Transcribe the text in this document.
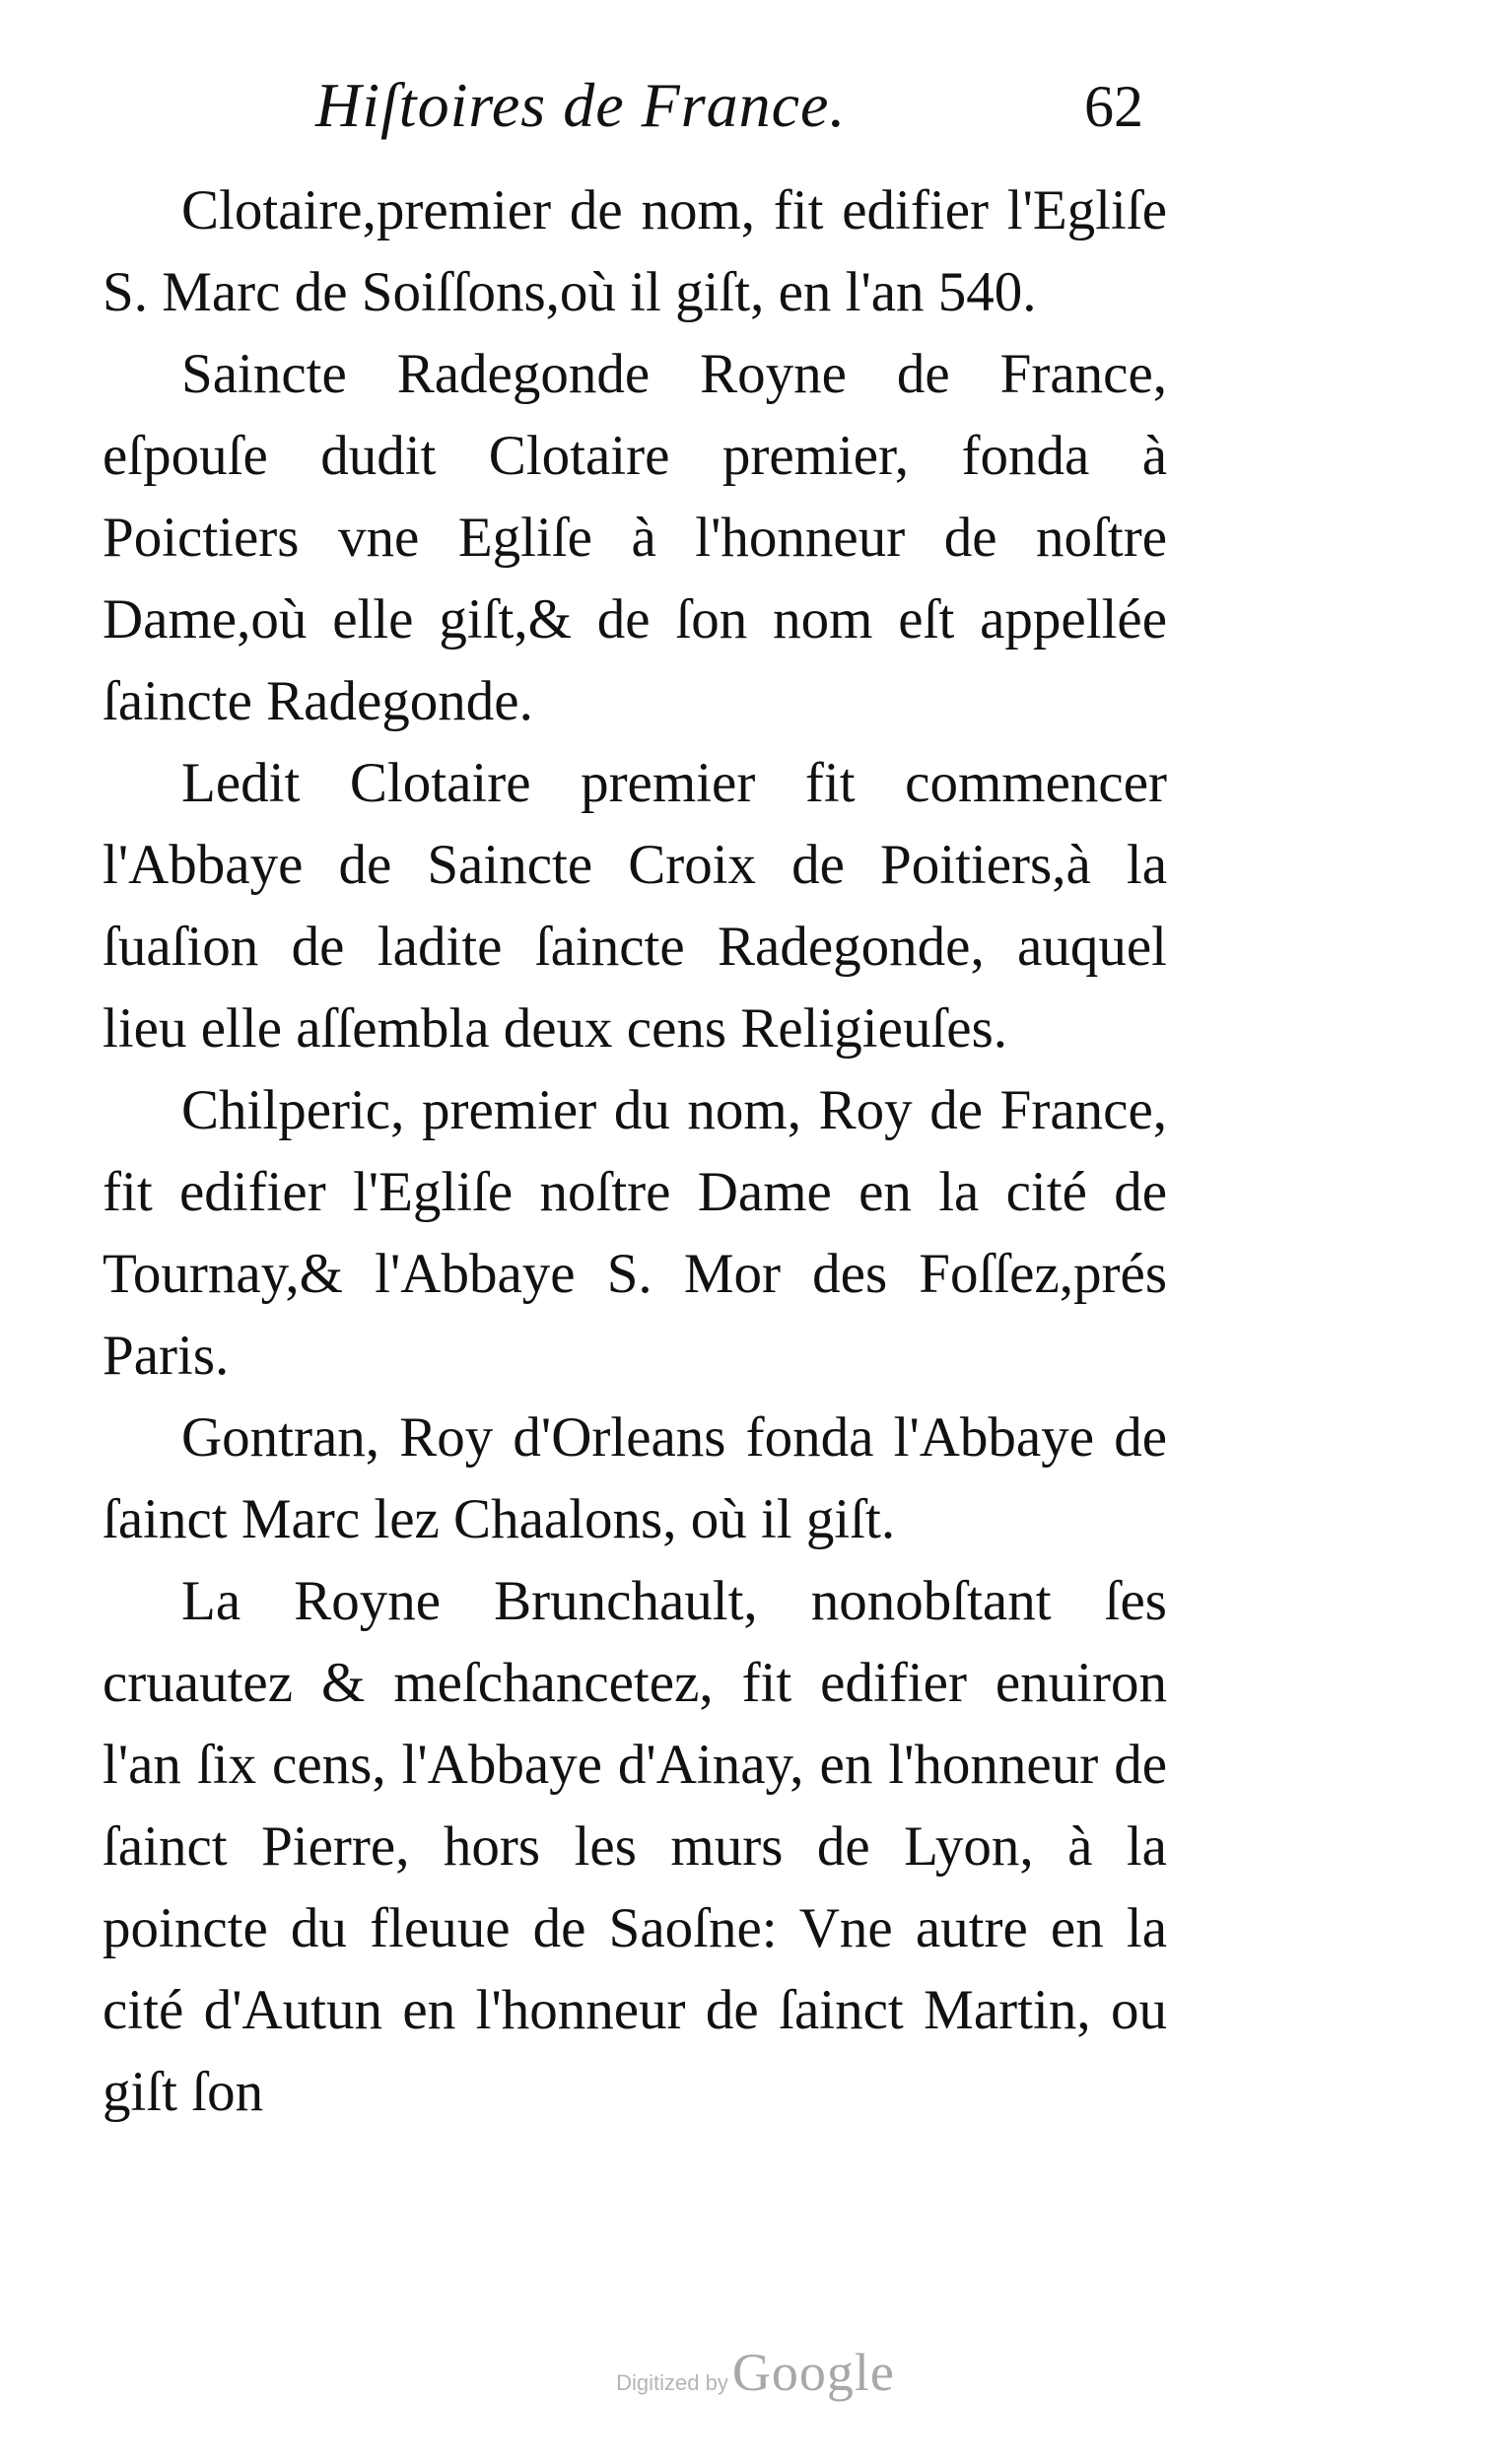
Hiſtoires de France.	62

Clotaire,premier de nom, fit edifier l'Egliſe S. Marc de Soiſſons,où il giſt, en l'an 540.

Saincte Radegonde Royne de France, eſpouſe dudit Clotaire premier, fonda à Poictiers vne Egliſe à l'honneur de noſtre Dame,où elle giſt,& de ſon nom eſt appellée ſaincte Radegonde.

Ledit Clotaire premier fit commencer l'Abbaye de Saincte Croix de Poitiers,à la ſuaſion de ladite ſaincte Radegonde, auquel lieu elle aſſembla deux cens Religieuſes.

Chilperic, premier du nom, Roy de France, fit edifier l'Egliſe noſtre Dame en la cité de Tournay,& l'Abbaye S. Mor des Foſſez,prés Paris.

Gontran, Roy d'Orleans fonda l'Abbaye de ſainct Marc lez Chaalons, où il giſt.

La Royne Brunchault, nonobſtant ſes cruautez & meſchancetez, fit edifier enuiron l'an ſix cens, l'Abbaye d'Ainay, en l'honneur de ſainct Pierre, hors les murs de Lyon, à la poincte du fleuue de Saoſne: Vne autre en la cité d'Autun en l'honneur de ſainct Martin, ou giſt ſon

Digitized by Google
